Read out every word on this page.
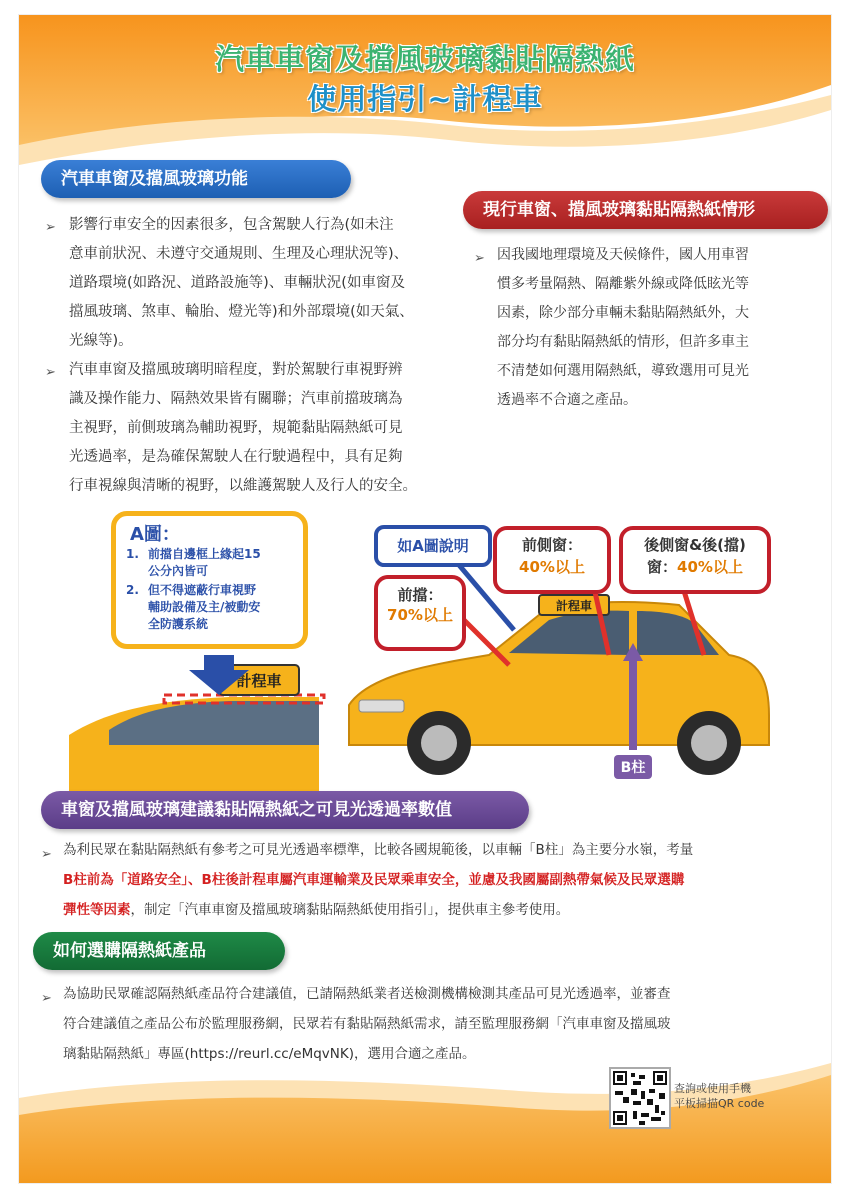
汽車車窗及擋風玻璃黏貼隔熱紙
使用指引~計程車
汽車車窗及擋風玻璃功能
現行車窗、擋風玻璃黏貼隔熱紙情形
➢ 因我國地理環境及天候條件，國人用車習
慣多考量隔熱、隔離紫外線或降低眩光等
因素，除少部分車輛未黏貼隔熱紙外，大
部分均有黏貼隔熱紙的情形，但許多車主
不清楚如何選用隔熱紙，導致選用可見光
透過率不合適之產品。
計程車
計程車
B柱
A圖：
1. 前擋自邊框上緣起15
公分內皆可
2. 但不得遮蔽行車視野
輔助設備及主/被動安
全防護系統
如A圖說明
前擋：
70%以上
前側窗：
40%以上
後側窗&後(擋)
窗：40%以上
車窗及擋風玻璃建議黏貼隔熱紙之可見光透過率數值
➢ 為利民眾在黏貼隔熱紙有參考之可見光透過率標準，比較各國規範後，以車輛「B柱」為主要分水嶺，考量
B柱前為「道路安全」、B柱後計程車屬汽車運輸業及民眾乘車安全，並慮及我國屬副熱帶氣候及民眾選購
彈性等因素，制定「汽車車窗及擋風玻璃黏貼隔熱紙使用指引」，提供車主參考使用。
如何選購隔熱紙產品
➢ 為協助民眾確認隔熱紙產品符合建議值，已請隔熱紙業者送檢測機構檢測其產品可見光透過率，並審查
符合建議值之產品公布於監理服務網，民眾若有黏貼隔熱紙需求，請至監理服務網「汽車車窗及擋風玻
璃黏貼隔熱紙」專區(https://reurl.cc/eMqvNK)，選用合適之產品。
查詢或使用手機
平板掃描QR code
➢ 影響行車安全的因素很多，包含駕駛人行為(如未注
意車前狀況、未遵守交通規則、生理及心理狀況等)、
道路環境(如路況、道路設施等)、車輛狀況(如車窗及
擋風玻璃、煞車、輪胎、燈光等)和外部環境(如天氣、
光線等)。
➢ 汽車車窗及擋風玻璃明暗程度，對於駕駛行車視野辨
識及操作能力、隔熱效果皆有關聯；汽車前擋玻璃為
主視野，前側玻璃為輔助視野，規範黏貼隔熱紙可見
光透過率，是為確保駕駛人在行駛過程中，具有足夠
行車視線與清晰的視野，以維護駕駛人及行人的安全。
